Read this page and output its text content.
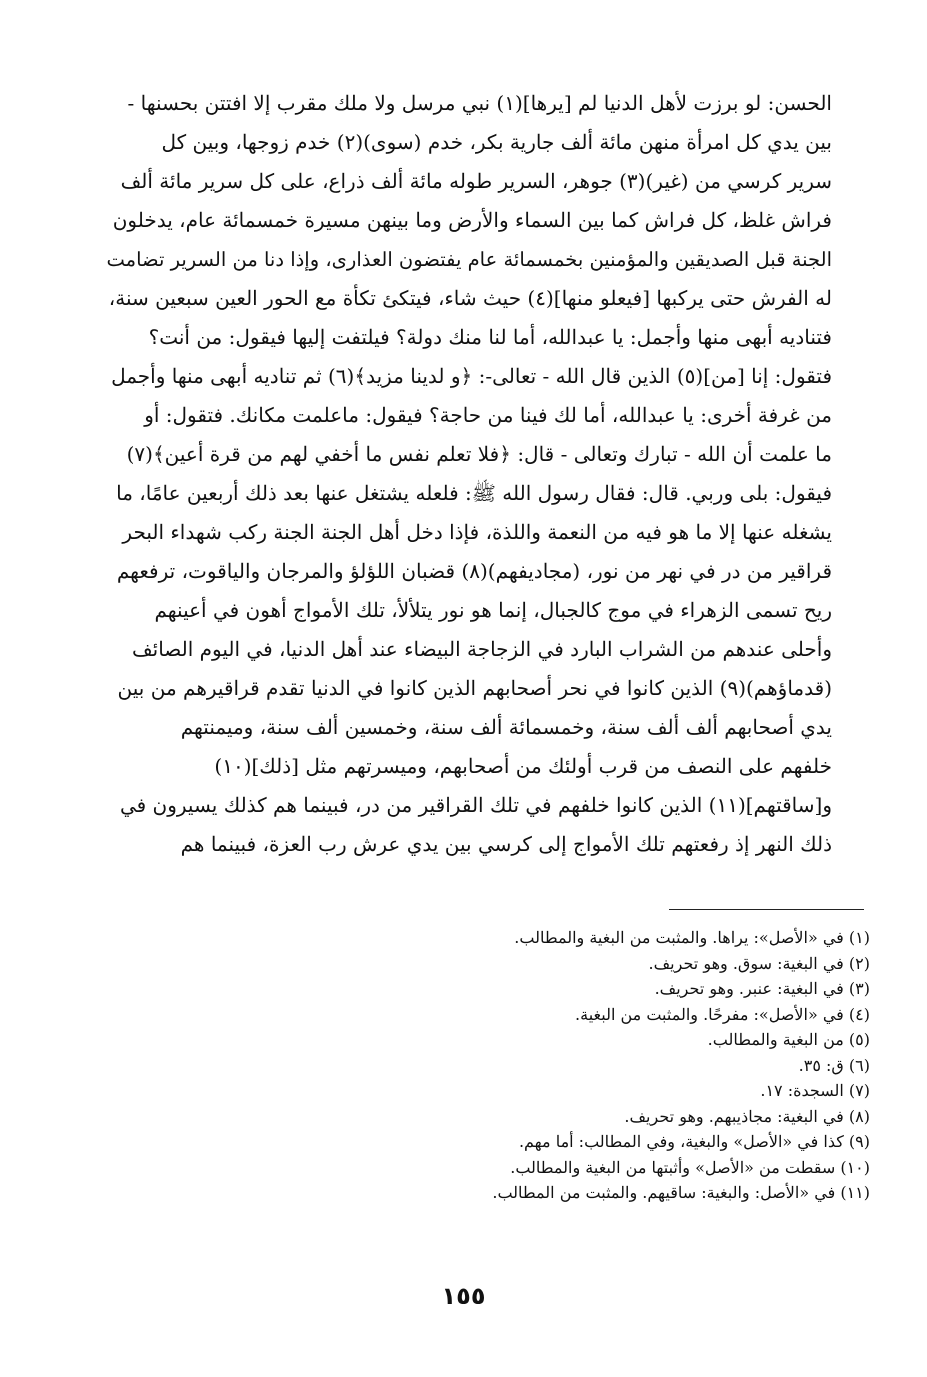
الحسن: لو برزت لأهل الدنيا لم [يرها](١) نبي مرسل ولا ملك مقرب إلا افتتن بحسنها -
بين يدي كل امرأة منهن مائة ألف جارية بكر، خدم (سوى)(٢) خدم زوجها، وبين كل
سرير كرسي من (غير)(٣) جوهر، السرير طوله مائة ألف ذراع، على كل سرير مائة ألف
فراش غلظ، كل فراش كما بين السماء والأرض وما بينهن مسيرة خمسمائة عام، يدخلون
الجنة قبل الصديقين والمؤمنين بخمسمائة عام يفتضون العذارى، وإذا دنا من السرير تضامت
له الفرش حتى يركبها [فيعلو منها](٤) حيث شاء، فيتكئ تكأة مع الحور العين سبعين سنة،
فتناديه أبهى منها وأجمل: يا عبدالله، أما لنا منك دولة؟ فيلتفت إليها فيقول: من أنت؟
فتقول: إنا [من](٥) الذين قال الله - تعالى-: ﴿و لدينا مزيد﴾(٦) ثم تناديه أبهى منها وأجمل
من غرفة أخرى: يا عبدالله، أما لك فينا من حاجة؟ فيقول: ماعلمت مكانك. فتقول: أو
ما علمت أن الله - تبارك وتعالى - قال: ﴿فلا تعلم نفس ما أخفي لهم من قرة أعين﴾(٧)
فيقول: بلى وربي. قال: فقال رسول الله ﷺ: فلعله يشتغل عنها بعد ذلك أربعين عامًا، ما
يشغله عنها إلا ما هو فيه من النعمة واللذة، فإذا دخل أهل الجنة الجنة ركب شهداء البحر
قراقير من در في نهر من نور، (مجاديفهم)(٨) قضبان اللؤلؤ والمرجان والياقوت، ترفعهم
ريح تسمى الزهراء في موج كالجبال، إنما هو نور يتلألأ، تلك الأمواج أهون في أعينهم
وأحلى عندهم من الشراب البارد في الزجاجة البيضاء عند أهل الدنيا، في اليوم الصائف
(قدماؤهم)(٩) الذين كانوا في نحر أصحابهم الذين كانوا في الدنيا تقدم قراقيرهم من بين
يدي أصحابهم ألف ألف سنة، وخمسمائة ألف سنة، وخمسين ألف سنة، وميمنتهم
خلفهم على النصف من قرب أولئك من أصحابهم، وميسرتهم مثل [ذلك](١٠)
و[ساقتهم](١١) الذين كانوا خلفهم في تلك القراقير من در، فبينما هم كذلك يسيرون في
ذلك النهر إذ رفعتهم تلك الأمواج إلى كرسي بين يدي عرش رب العزة، فبينما هم
(١) في «الأصل»: يراها. والمثبت من البغية والمطالب.
(٢) في البغية: سوق. وهو تحريف.
(٣) في البغية: عنبر. وهو تحريف.
(٤) في «الأصل»: مفرحًا. والمثبت من البغية.
(٥) من البغية والمطالب.
(٦) ق: ٣٥.
(٧) السجدة: ١٧.
(٨) في البغية: مجاذيبهم. وهو تحريف.
(٩) كذا في «الأصل» والبغية، وفي المطالب: أما مهم.
(١٠) سقطت من «الأصل» وأثبتها من البغية والمطالب.
(١١) في «الأصل: والبغية: ساقيهم. والمثبت من المطالب.
١٥٥
